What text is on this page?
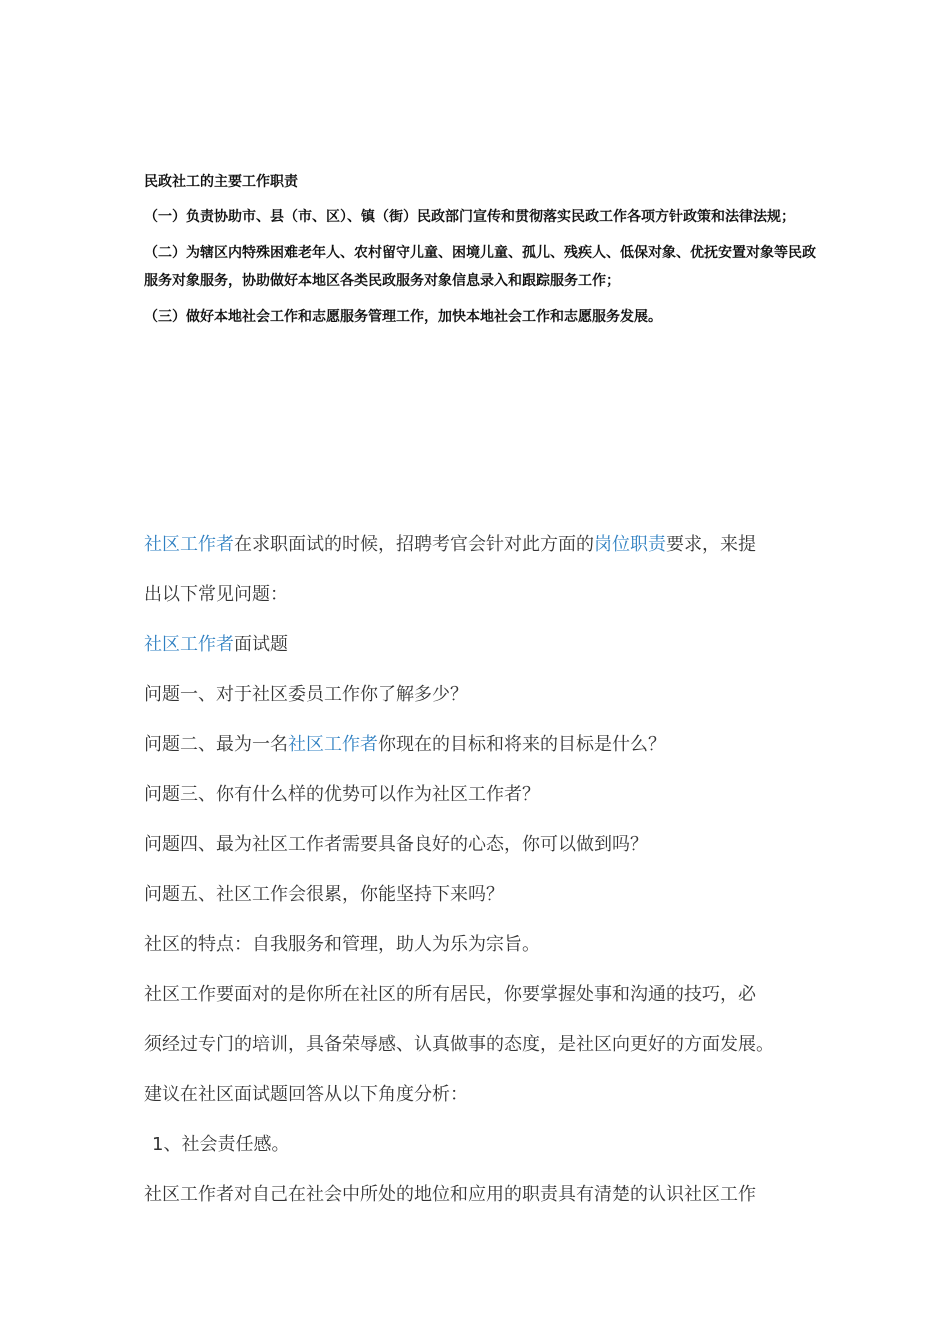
民政社工的主要工作职责
（一）负责协助市、县（市、区）、镇（街）民政部门宣传和贯彻落实民政工作各项方针政策和法律法规；
（二）为辖区内特殊困难老年人、农村留守儿童、困境儿童、孤儿、残疾人、低保对象、优抚安置对象等民政服务对象服务，协助做好本地区各类民政服务对象信息录入和跟踪服务工作；
（三）做好本地社会工作和志愿服务管理工作，加快本地社会工作和志愿服务发展。

社区工作者在求职面试的时候，招聘考官会针对此方面的岗位职责要求，来提

出以下常见问题：

社区工作者面试题

问题一、对于社区委员工作你了解多少？

问题二、最为一名社区工作者你现在的目标和将来的目标是什么？

问题三、你有什么样的优势可以作为社区工作者？

问题四、最为社区工作者需要具备良好的心态，你可以做到吗？

问题五、社区工作会很累，你能坚持下来吗？

社区的特点：自我服务和管理，助人为乐为宗旨。

社区工作要面对的是你所在社区的所有居民，你要掌握处事和沟通的技巧，必

须经过专门的培训，具备荣辱感、认真做事的态度，是社区向更好的方面发展。

建议在社区面试题回答从以下角度分析：

1、社会责任感。

社区工作者对自己在社会中所处的地位和应用的职责具有清楚的认识社区工作
